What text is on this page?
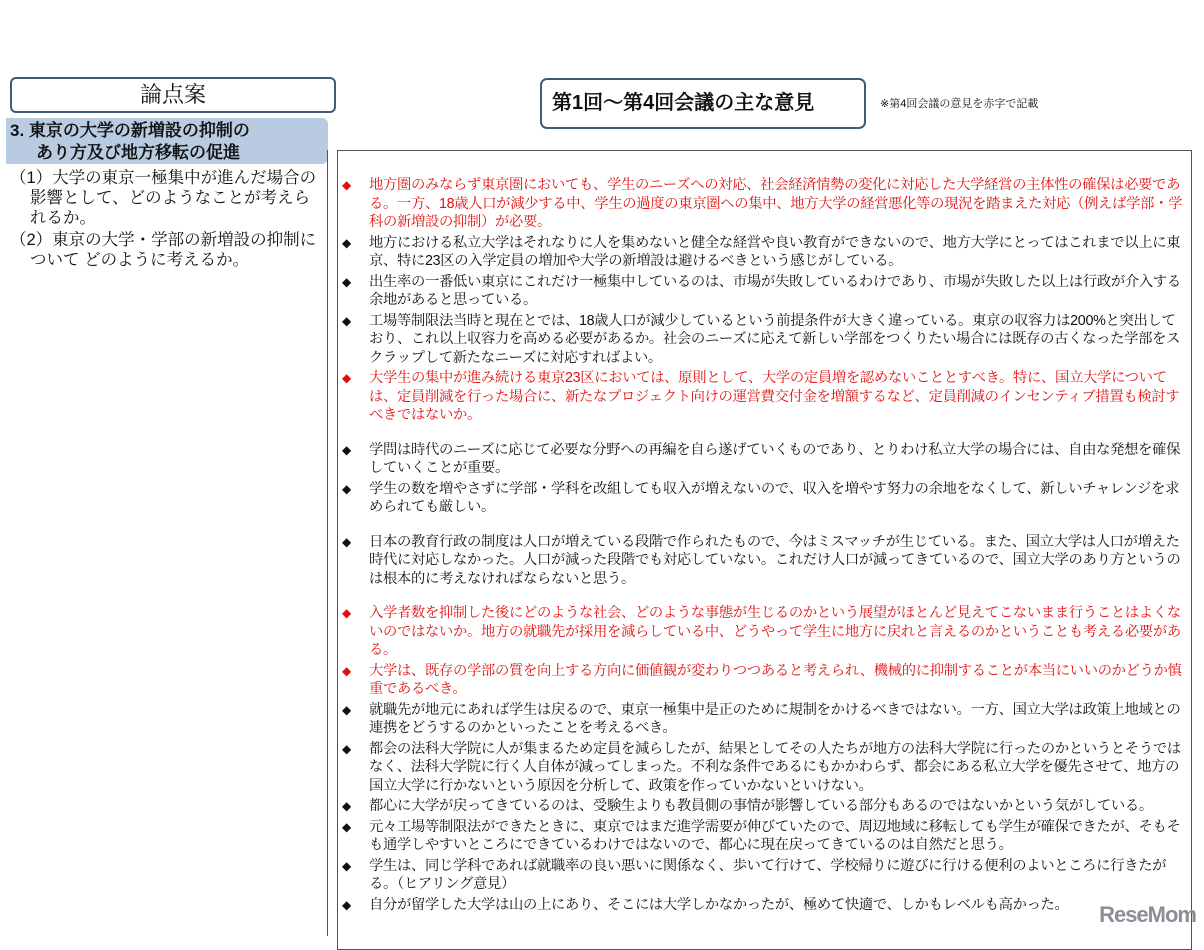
論点案
3. 東京の大学の新増設の抑制の
あり方及び地方移転の促進
（1）大学の東京一極集中が進んだ場合の影響として、どのようなことが考えられるか。
（2）東京の大学・学部の新増設の抑制について どのように考えるか。
第1回～第4回会議の主な意見	※第4回会議の意見を赤字で記載
◆ 地方圏のみならず東京圏においても、学生のニーズへの対応、社会経済情勢の変化に対応した大学経営の主体性の確保は必要である。一方、18歳人口が減少する中、学生の過度の東京圏への集中、地方大学の経営悪化等の現況を踏まえた対応（例えば学部・学科の新増設の抑制）が必要。
◆ 地方における私立大学はそれなりに人を集めないと健全な経営や良い教育ができないので、地方大学にとってはこれまで以上に東京、特に23区の入学定員の増加や大学の新増設は避けるべきという感じがしている。
◆ 出生率の一番低い東京にこれだけ一極集中しているのは、市場が失敗しているわけであり、市場が失敗した以上は行政が介入する余地があると思っている。
◆ 工場等制限法当時と現在とでは、18歳人口が減少しているという前提条件が大きく違っている。東京の収容力は200%と突出しており、これ以上収容力を高める必要があるか。社会のニーズに応えて新しい学部をつくりたい場合には既存の古くなった学部をスクラップして新たなニーズに対応すればよい。
◆ 大学生の集中が進み続ける東京23区においては、原則として、大学の定員増を認めないこととすべき。特に、国立大学については、定員削減を行った場合に、新たなプロジェクト向けの運営費交付金を増額するなど、定員削減のインセンティブ措置も検討すべきではないか。
◆ 学問は時代のニーズに応じて必要な分野への再編を自ら遂げていくものであり、とりわけ私立大学の場合には、自由な発想を確保していくことが重要。
◆ 学生の数を増やさずに学部・学科を改組しても収入が増えないので、収入を増やす努力の余地をなくして、新しいチャレンジを求められても厳しい。
◆ 日本の教育行政の制度は人口が増えている段階で作られたもので、今はミスマッチが生じている。また、国立大学は人口が増えた時代に対応しなかった。人口が減った段階でも対応していない。これだけ人口が減ってきているので、国立大学のあり方というのは根本的に考えなければならないと思う。
◆ 入学者数を抑制した後にどのような社会、どのような事態が生じるのかという展望がほとんど見えてこないまま行うことはよくないのではないか。地方の就職先が採用を減らしている中、どうやって学生に地方に戻れと言えるのかということも考える必要がある。
◆ 大学は、既存の学部の質を向上する方向に価値観が変わりつつあると考えられ、機械的に抑制することが本当にいいのかどうか慎重であるべき。
◆ 就職先が地元にあれば学生は戻るので、東京一極集中是正のために規制をかけるべきではない。一方、国立大学は政策上地域との連携をどうするのかといったことを考えるべき。
◆ 都会の法科大学院に人が集まるため定員を減らしたが、結果としてその人たちが地方の法科大学院に行ったのかというとそうではなく、法科大学院に行く人自体が減ってしまった。不利な条件であるにもかかわらず、都会にある私立大学を優先させて、地方の国立大学に行かないという原因を分析して、政策を作っていかないといけない。
◆ 都心に大学が戻ってきているのは、受験生よりも教員側の事情が影響している部分もあるのではないかという気がしている。
◆ 元々工場等制限法ができたときに、東京ではまだ進学需要が伸びていたので、周辺地域に移転しても学生が確保できたが、そもそも通学しやすいところにできているわけではないので、都心に現在戻ってきているのは自然だと思う。
◆ 学生は、同じ学科であれば就職率の良い悪いに関係なく、歩いて行けて、学校帰りに遊びに行ける便利のよいところに行きたがる。（ヒアリング意見）
◆ 自分が留学した大学は山の上にあり、そこには大学しかなかったが、極めて快適で、しかもレベルも高かった。	ReseMom
